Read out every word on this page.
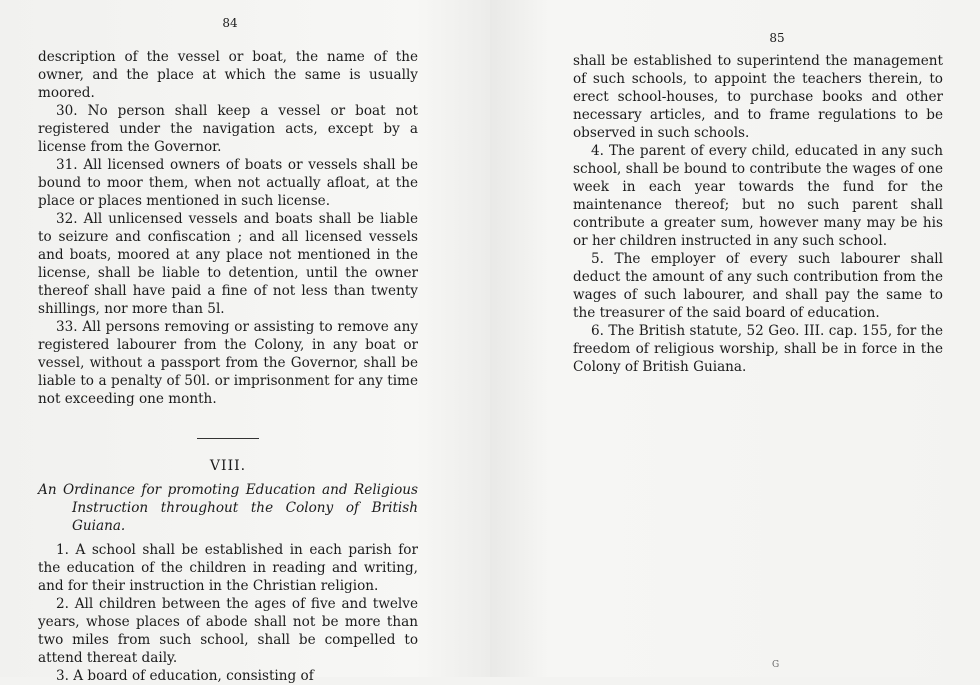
84

description of the vessel or boat, the name of the owner, and the place at which the same is usually moored.

30. No person shall keep a vessel or boat not registered under the navigation acts, except by a license from the Governor.

31. All licensed owners of boats or vessels shall be bound to moor them, when not actually afloat, at the place or places mentioned in such license.

32. All unlicensed vessels and boats shall be liable to seizure and confiscation ; and all licensed vessels and boats, moored at any place not mentioned in the license, shall be liable to detention, until the owner thereof shall have paid a fine of not less than twenty shillings, nor more than 5l.

33. All persons removing or assisting to remove any registered labourer from the Colony, in any boat or vessel, without a passport from the Governor, shall be liable to a penalty of 50l. or imprisonment for any time not exceeding one month.

VIII.

An Ordinance for promoting Education and Religious Instruction throughout the Colony of British Guiana.

1. A school shall be established in each parish for the education of the children in reading and writing, and for their instruction in the Christian religion.

2. All children between the ages of five and twelve years, whose places of abode shall not be more than two miles from such school, shall be compelled to attend thereat daily.

3. A board of education, consisting of

85

shall be established to superintend the management of such schools, to appoint the teachers therein, to erect school-houses, to purchase books and other necessary articles, and to frame regulations to be observed in such schools.

4. The parent of every child, educated in any such school, shall be bound to contribute the wages of one week in each year towards the fund for the maintenance thereof; but no such parent shall contribute a greater sum, however many may be his or her children instructed in any such school.

5. The employer of every such labourer shall deduct the amount of any such contribution from the wages of such labourer, and shall pay the same to the treasurer of the said board of education.

6. The British statute, 52 Geo. III. cap. 155, for the freedom of religious worship, shall be in force in the Colony of British Guiana.

G
